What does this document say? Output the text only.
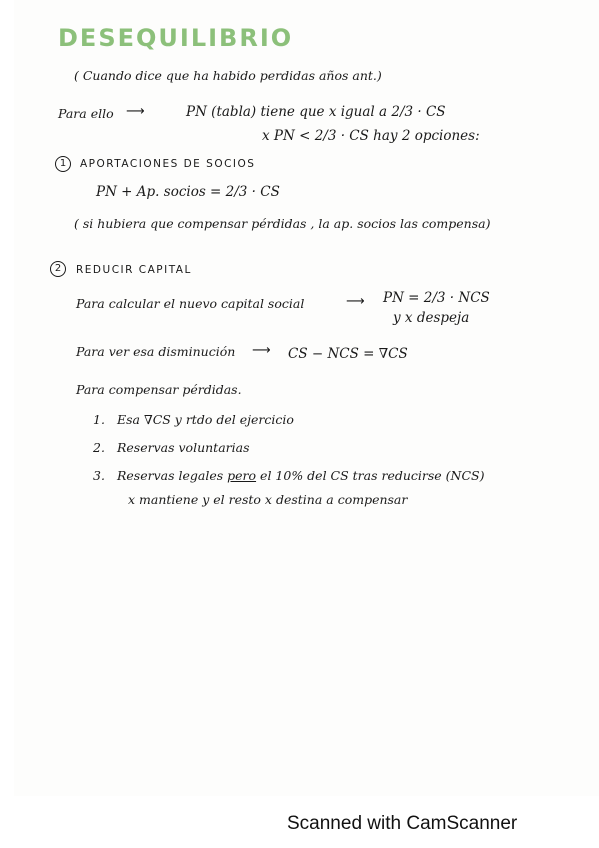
DESEQUILIBRIO
( Cuando dice que ha habido perdidas años ant.)
Para ello ⟶	PN (tabla) tiene que x igual a 2/3 · CS
x PN < 2/3 · CS hay 2 opciones:
1	APORTACIONES DE SOCIOS
PN + Ap. socios = 2/3 · CS
( si hubiera que compensar pérdidas , la ap. socios las compensa)
2	REDUCIR CAPITAL
Para calcular el nuevo capital social	⟶ PN = 2/3 · NCS
y x despeja
Para ver esa disminución ⟶ CS − NCS = ∇CS
Para compensar pérdidas.
1. Esa ∇CS y rtdo del ejercicio
2. Reservas voluntarias
3. Reservas legales pero el 10% del CS tras reducirse (NCS)
x mantiene y el resto x destina a compensar
Scanned with CamScanner
